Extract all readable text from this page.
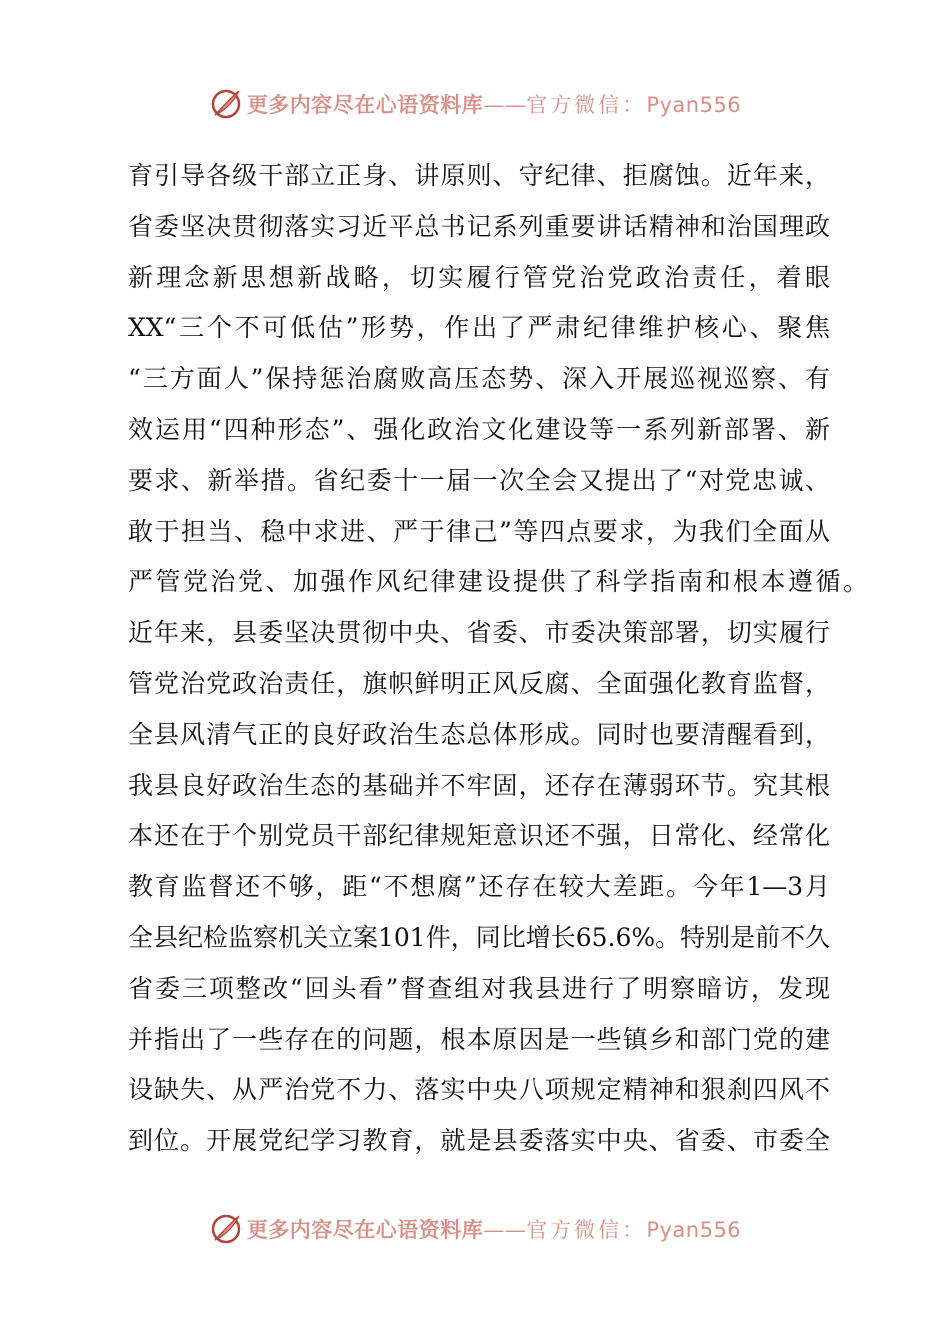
更多内容尽在心语资料库——官方微信：Pyan556
育引导各级干部立正身、讲原则、守纪律、拒腐蚀。近年来，
省委坚决贯彻落实习近平总书记系列重要讲话精神和治国理政
新理念新思想新战略，切实履行管党治党政治责任，着眼
XX“三个不可低估”形势，作出了严肃纪律维护核心、聚焦
“三方面人”保持惩治腐败高压态势、深入开展巡视巡察、有
效运用“四种形态”、强化政治文化建设等一系列新部署、新
要求、新举措。省纪委十一届一次全会又提出了“对党忠诚、
敢于担当、稳中求进、严于律己”等四点要求，为我们全面从
严管党治党、加强作风纪律建设提供了科学指南和根本遵循。
近年来，县委坚决贯彻中央、省委、市委决策部署，切实履行
管党治党政治责任，旗帜鲜明正风反腐、全面强化教育监督，
全县风清气正的良好政治生态总体形成。同时也要清醒看到，
我县良好政治生态的基础并不牢固，还存在薄弱环节。究其根
本还在于个别党员干部纪律规矩意识还不强，日常化、经常化
教育监督还不够，距“不想腐”还存在较大差距。今年1—3月
全县纪检监察机关立案101件，同比增长65.6%。特别是前不久
省委三项整改“回头看”督查组对我县进行了明察暗访，发现
并指出了一些存在的问题，根本原因是一些镇乡和部门党的建
设缺失、从严治党不力、落实中央八项规定精神和狠刹四风不
到位。开展党纪学习教育，就是县委落实中央、省委、市委全
更多内容尽在心语资料库——官方微信：Pyan556
